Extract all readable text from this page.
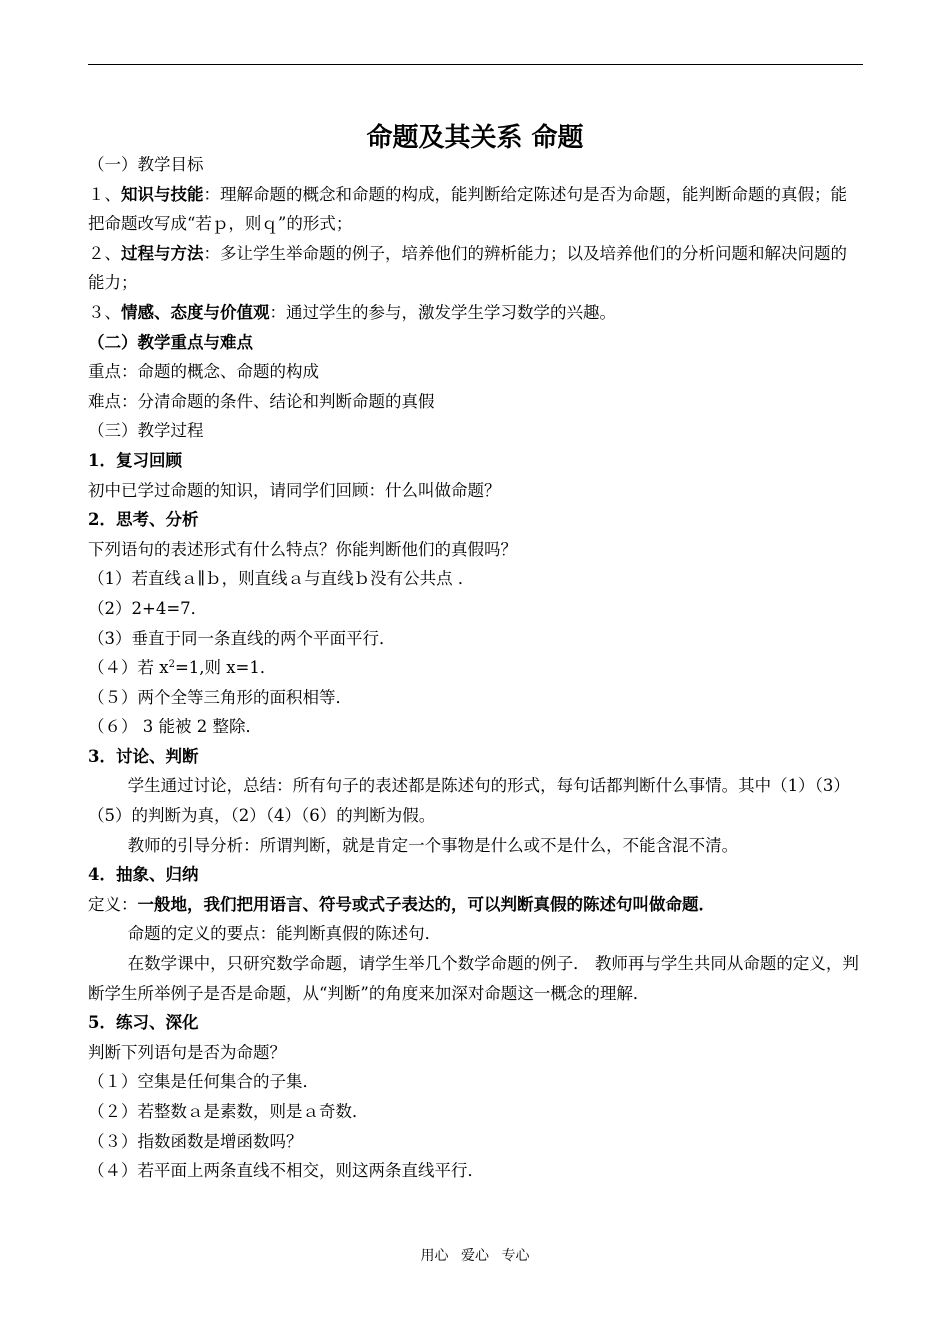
命题及其关系 命题

（一）教学目标

１、知识与技能：理解命题的概念和命题的构成，能判断给定陈述句是否为命题，能判断命题的真假；能把命题改写成“若ｐ，则ｑ”的形式；

２、过程与方法：多让学生举命题的例子，培养他们的辨析能力；以及培养他们的分析问题和解决问题的能力；

３、情感、态度与价值观：通过学生的参与，激发学生学习数学的兴趣。

（二）教学重点与难点

重点：命题的概念、命题的构成

难点：分清命题的条件、结论和判断命题的真假

（三）教学过程

1．复习回顾

初中已学过命题的知识，请同学们回顾：什么叫做命题？

2．思考、分析

下列语句的表述形式有什么特点？你能判断他们的真假吗？

（1）若直线ａ∥ｂ，则直线ａ与直线ｂ没有公共点 ．

（2）2+4=7．

（3）垂直于同一条直线的两个平面平行．

（４）若 $x^2=1$,则 x=1．

（５）两个全等三角形的面积相等．

（６） 3 能被 2 整除．

3．讨论、判断

学生通过讨论，总结：所有句子的表述都是陈述句的形式，每句话都判断什么事情。其中（1）（3）（5）的判断为真，（2）（4）（6）的判断为假。

教师的引导分析：所谓判断，就是肯定一个事物是什么或不是什么，不能含混不清。

4．抽象、归纳

定义：一般地，我们把用语言、符号或式子表达的，可以判断真假的陈述句叫做命题．

命题的定义的要点：能判断真假的陈述句．

在数学课中，只研究数学命题，请学生举几个数学命题的例子． 教师再与学生共同从命题的定义，判断学生所举例子是否是命题，从“判断”的角度来加深对命题这一概念的理解．

5．练习、深化

判断下列语句是否为命题？

（１）空集是任何集合的子集．

（２）若整数ａ是素数，则是ａ奇数．

（３）指数函数是增函数吗？

（４）若平面上两条直线不相交，则这两条直线平行．

用心 爱心 专心
